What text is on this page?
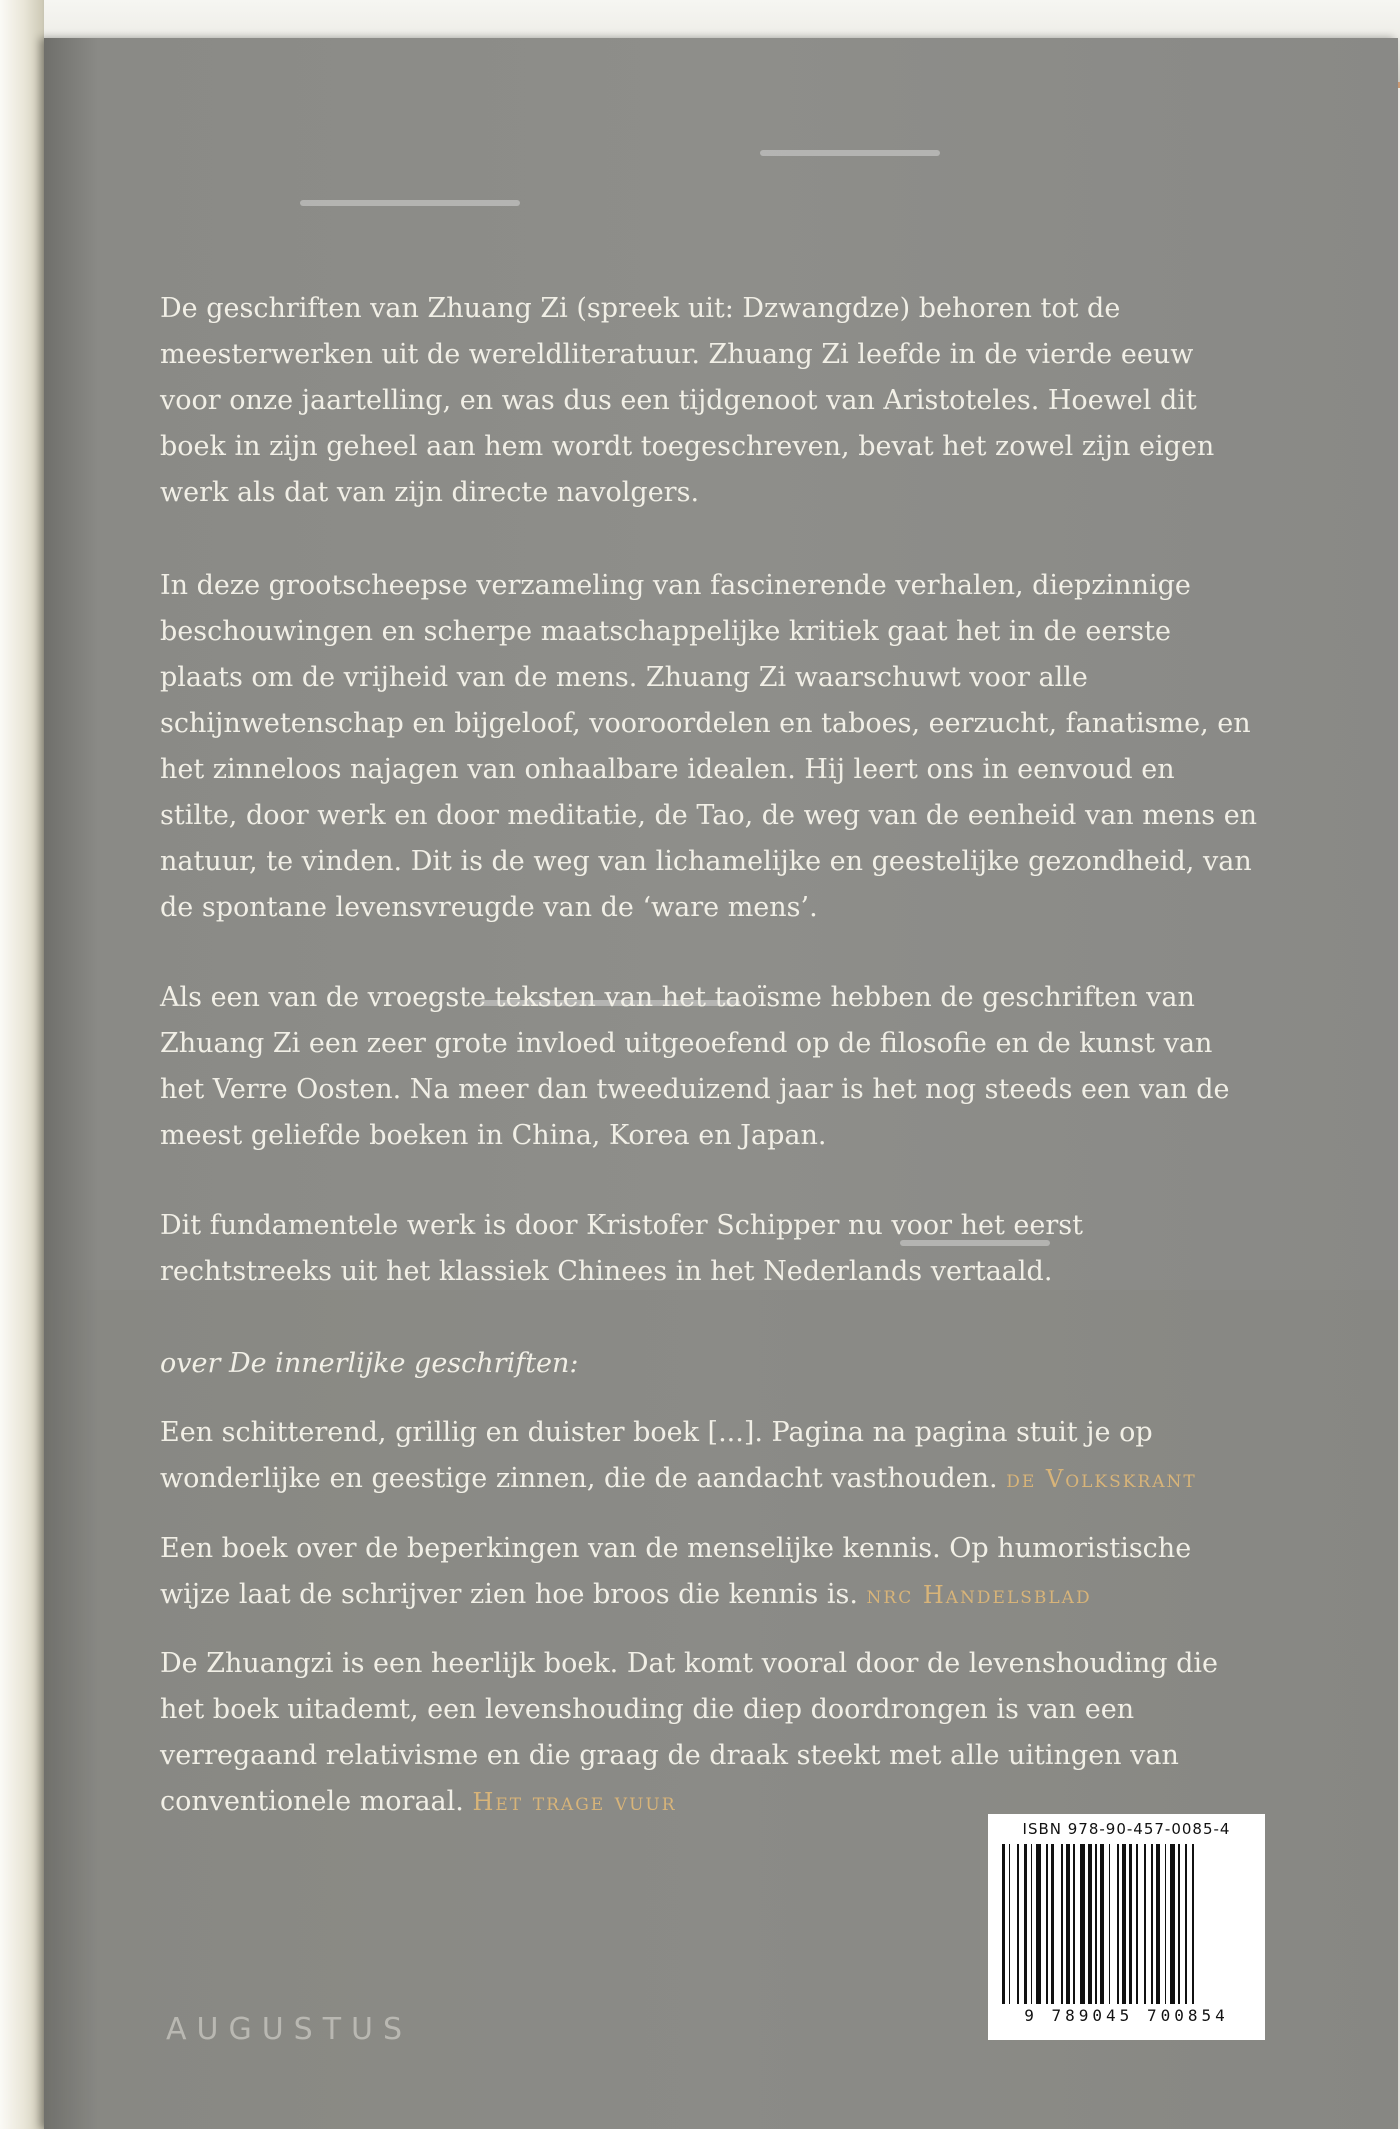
De geschriften van Zhuang Zi (spreek uit: Dzwangdze) behoren tot de meesterwerken uit de wereldliteratuur. Zhuang Zi leefde in de vierde eeuw voor onze jaartelling, en was dus een tijdgenoot van Aristoteles. Hoewel dit boek in zijn geheel aan hem wordt toegeschreven, bevat het zowel zijn eigen werk als dat van zijn directe navolgers.

In deze grootscheepse verzameling van fascinerende verhalen, diepzinnige beschouwingen en scherpe maatschappelijke kritiek gaat het in de eerste plaats om de vrijheid van de mens. Zhuang Zi waarschuwt voor alle schijnwetenschap en bijgeloof, vooroordelen en taboes, eerzucht, fanatisme, en het zinneloos najagen van onhaalbare idealen. Hij leert ons in eenvoud en stilte, door werk en door meditatie, de Tao, de weg van de eenheid van mens en natuur, te vinden. Dit is de weg van lichamelijke en geestelijke gezondheid, van de spontane levensvreugde van de ‘ware mens’.

Als een van de vroegste teksten van het taoïsme hebben de geschriften van Zhuang Zi een zeer grote invloed uitgeoefend op de filosofie en de kunst van het Verre Oosten. Na meer dan tweeduizend jaar is het nog steeds een van de meest geliefde boeken in China, Korea en Japan.

Dit fundamentele werk is door Kristofer Schipper nu voor het eerst rechtstreeks uit het klassiek Chinees in het Nederlands vertaald.

over De innerlijke geschriften:

Een schitterend, grillig en duister boek [...]. Pagina na pagina stuit je op wonderlijke en geestige zinnen, die de aandacht vasthouden. de Volkskrant

Een boek over de beperkingen van de menselijke kennis. Op humoristische wijze laat de schrijver zien hoe broos die kennis is. nrc Handelsblad

De Zhuangzi is een heerlijk boek. Dat komt vooral door de levenshouding die het boek uitademt, een levenshouding die diep doordrongen is van een verregaand relativisme en die graag de draak steekt met alle uitingen van conventionele moraal. Het trage vuur

ISBN 978-90-457-0085-4
9 789045 700854
AUGUSTUS
